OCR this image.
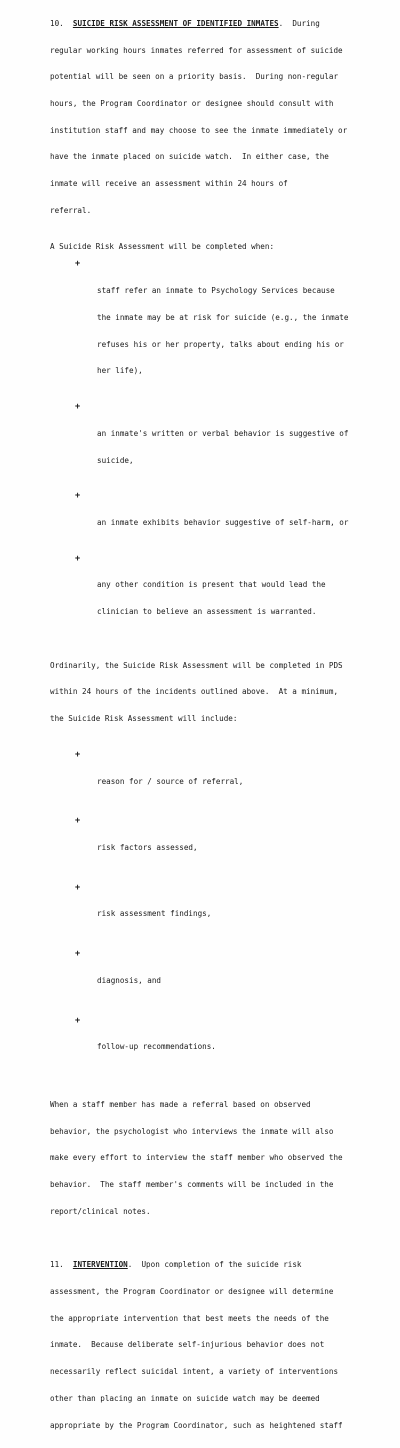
10. SUICIDE RISK ASSESSMENT OF IDENTIFIED INMATES. During

regular working hours inmates referred for assessment of suicide

potential will be seen on a priority basis.  During non-regular

hours, the Program Coordinator or designee should consult with

institution staff and may choose to see the inmate immediately or

have the inmate placed on suicide watch.  In either case, the

inmate will receive an assessment within 24 hours of

referral.

A Suicide Risk Assessment will be completed when:

+

staff refer an inmate to Psychology Services because

the inmate may be at risk for suicide (e.g., the inmate

refuses his or her property, talks about ending his or

her life),

+

an inmate's written or verbal behavior is suggestive of

suicide,

+

an inmate exhibits behavior suggestive of self-harm, or

+

any other condition is present that would lead the

clinician to believe an assessment is warranted.

Ordinarily, the Suicide Risk Assessment will be completed in PDS

within 24 hours of the incidents outlined above.  At a minimum,

the Suicide Risk Assessment will include:

+

reason for / source of referral,

+

risk factors assessed,

+

risk assessment findings,

+

diagnosis, and

+

follow-up recommendations.

When a staff member has made a referral based on observed

behavior, the psychologist who interviews the inmate will also

make every effort to interview the staff member who observed the

behavior.  The staff member's comments will be included in the

report/clinical notes.

11. INTERVENTION. Upon completion of the suicide risk

assessment, the Program Coordinator or designee will determine

the appropriate intervention that best meets the needs of the

inmate.  Because deliberate self-injurious behavior does not

necessarily reflect suicidal intent, a variety of interventions

other than placing an inmate on suicide watch may be deemed

appropriate by the Program Coordinator, such as heightened staff
